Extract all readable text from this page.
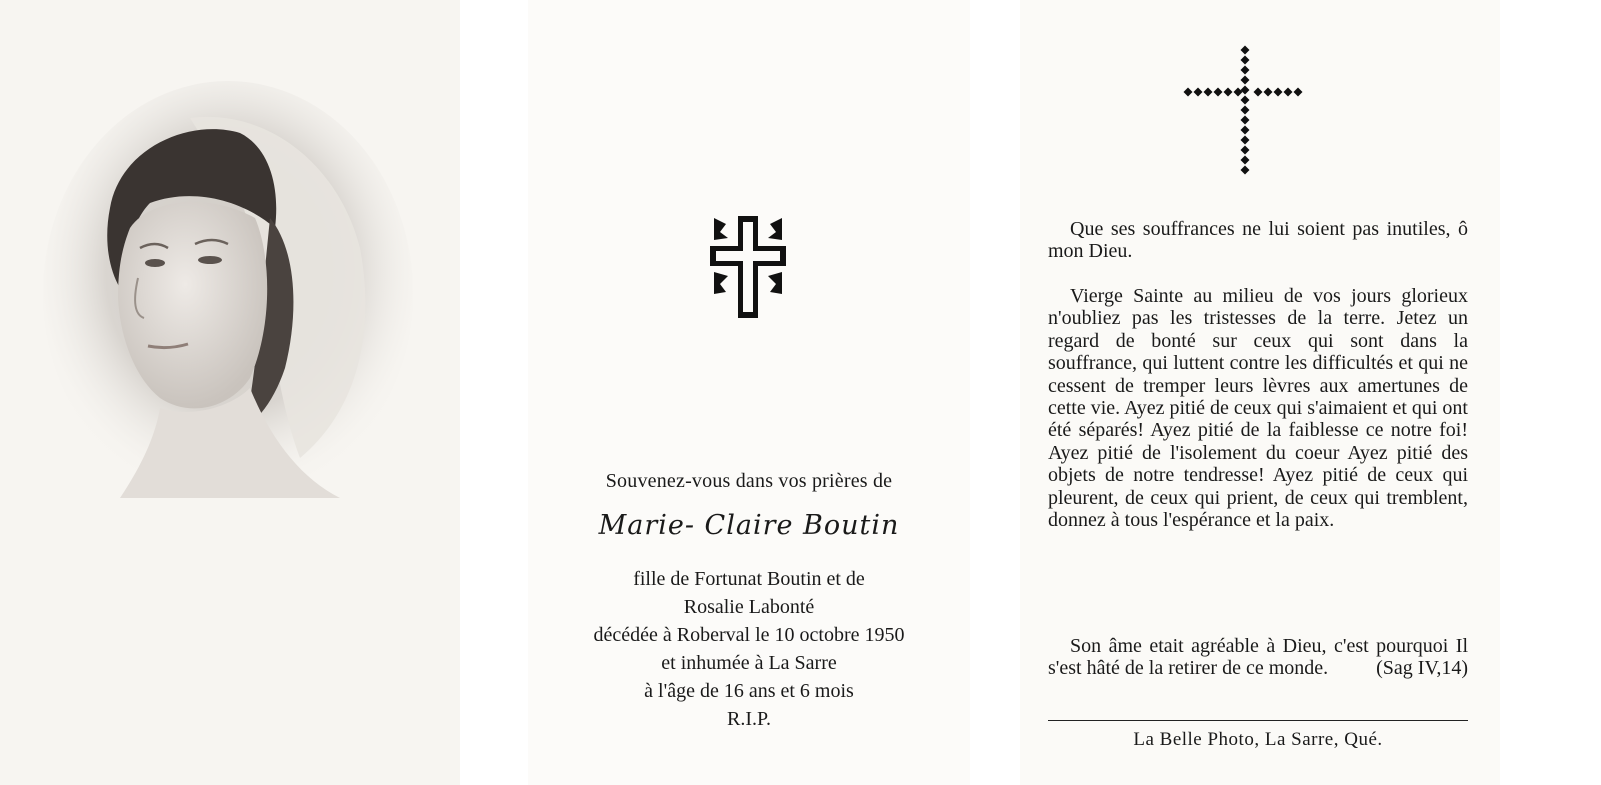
Souvenez-vous dans vos prières de
Marie- Claire Boutin
fille de Fortunat Boutin et de
Rosalie Labonté
décédée à Roberval le 10 octobre 1950
et inhumée à La Sarre
à l'âge de 16 ans et 6 mois
R.I.P.

Que ses souffrances ne lui soient pas inutiles, ô mon Dieu.

Vierge Sainte au milieu de vos jours glorieux n'oubliez pas les tristesses de la terre. Jetez un regard de bonté sur ceux qui sont dans la souffrance, qui luttent contre les difficultés et qui ne cessent de tremper leurs lèvres aux amertunes de cette vie. Ayez pitié de ceux qui s'aimaient et qui ont été séparés! Ayez pitié de la faiblesse ce notre foi! Ayez pitié de l'isolement du coeur Ayez pitié des objets de notre tendresse! Ayez pitié de ceux qui pleurent, de ceux qui prient, de ceux qui tremblent, donnez à tous l'espérance et la paix.

Son âme etait agréable à Dieu, c'est pourquoi Il s'est hâté de la retirer de ce monde.	(Sag IV,14)

La Belle Photo, La Sarre, Qué.
